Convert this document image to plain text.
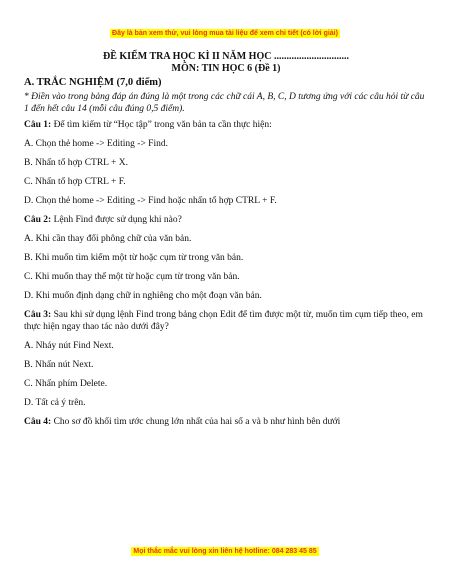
Đây là bản xem thử, vui lòng mua tài liệu để xem chi tiết (có lời giải)
ĐỀ KIỂM TRA HỌC KÌ II NĂM HỌC ..............................
MÔN: TIN HỌC 6 (Đề 1)
A. TRẮC NGHIỆM (7,0 điểm)
* Điền vào trong bảng đáp án đúng là một trong các chữ cái A, B, C, D tương ứng với các câu hỏi từ câu 1 đến hết câu 14 (mỗi câu đúng 0,5 điểm).
Câu 1: Để tìm kiếm từ “Học tập” trong văn bản ta cần thực hiện:
A. Chọn thẻ home -> Editing -> Find.
B. Nhấn tổ hợp CTRL + X.
C. Nhấn tổ hợp CTRL + F.
D. Chọn thẻ home -> Editing -> Find hoặc nhấn tổ hợp CTRL + F.
Câu 2: Lệnh Find được sử dụng khi nào?
A. Khi cần thay đổi phông chữ của văn bản.
B. Khi muốn tìm kiếm một từ hoặc cụm từ trong văn bản.
C. Khi muốn thay thế một từ hoặc cụm từ trong văn bản.
D. Khi muốn định dạng chữ in nghiêng cho một đoạn văn bản.
Câu 3: Sau khi sử dụng lệnh Find trong bảng chọn Edit để tìm được một từ, muốn tìm cụm tiếp theo, em thực hiện ngay thao tác nào dưới đây?
A. Nháy nút Find Next.
B. Nhấn nút Next.
C. Nhấn phím Delete.
D. Tất cả ý trên.
Câu 4: Cho sơ đồ khối tìm ước chung lớn nhất của hai số a và b như hình bên dưới
Mọi thắc mắc vui lòng xin liên hệ hotline: 084 283 45 85
